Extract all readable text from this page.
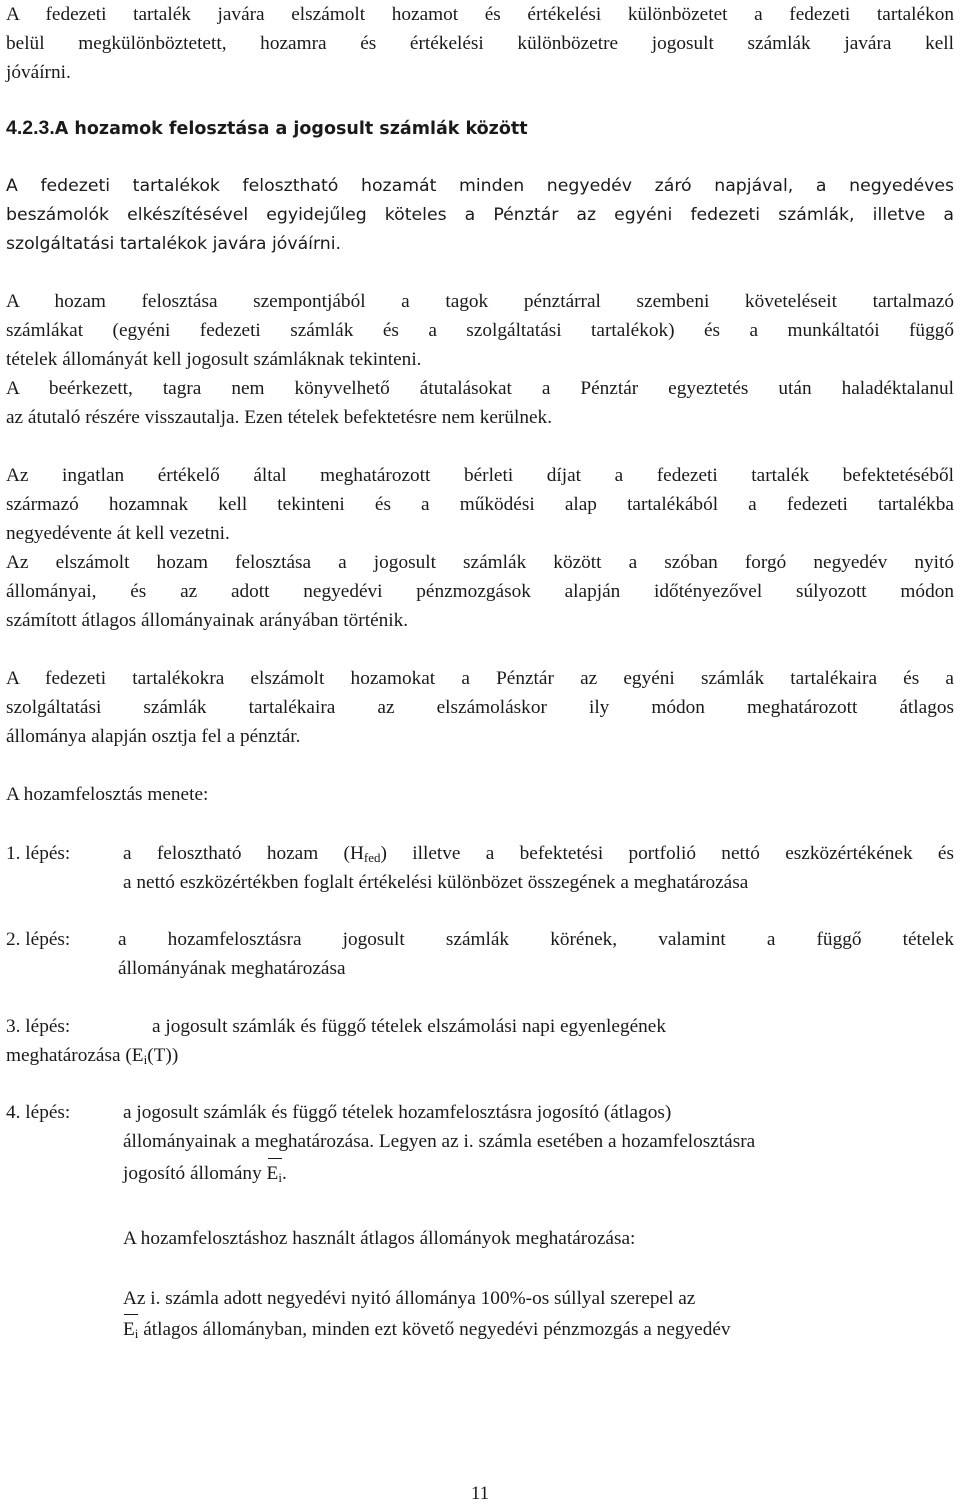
A fedezeti tartalék javára elszámolt hozamot és értékelési különbözetet a fedezeti tartalékon
belül megkülönböztetett, hozamra és értékelési különbözetre jogosult számlák javára kell
jóváírni.

4.2.3.A hozamok felosztása a jogosult számlák között

A fedezeti tartalékok felosztható hozamát minden negyedév záró napjával, a negyedéves
beszámolók elkészítésével egyidejűleg köteles a Pénztár az egyéni fedezeti számlák, illetve a
szolgáltatási tartalékok javára jóváírni.

A hozam felosztása szempontjából a tagok pénztárral szembeni követeléseit tartalmazó
számlákat (egyéni fedezeti számlák és a szolgáltatási tartalékok) és a munkáltatói függő
tételek állományát kell jogosult számláknak tekinteni.
A beérkezett, tagra nem könyvelhető átutalásokat a Pénztár egyeztetés után haladéktalanul
az átutaló részére visszautalja. Ezen tételek befektetésre nem kerülnek.

Az ingatlan értékelő által meghatározott bérleti díjat a fedezeti tartalék befektetéséből
származó hozamnak kell tekinteni és a működési alap tartalékából a fedezeti tartalékba
negyedévente át kell vezetni.
Az elszámolt hozam felosztása a jogosult számlák között a szóban forgó negyedév nyitó
állományai, és az adott negyedévi pénzmozgások alapján időtényezővel súlyozott módon
számított átlagos állományainak arányában történik.

A fedezeti tartalékokra elszámolt hozamokat a Pénztár az egyéni számlák tartalékaira és a
szolgáltatási számlák tartalékaira az elszámoláskor ily módon meghatározott átlagos
állománya alapján osztja fel a pénztár.

A hozamfelosztás menete:
1. lépés:	a felosztható hozam $(H_{fed})$ illetve a befektetési portfolió nettó eszközértékének és
a nettó eszközértékben foglalt értékelési különbözet összegének a meghatározása
2. lépés: a hozamfelosztásra jogosult számlák körének, valamint a függő tételek
állományának meghatározása
3. lépés:	a jogosult számlák és függő tételek elszámolási napi egyenlegének
meghatározása $(E_i(T))$
4. lépés:	a jogosult számlák és függő tételek hozamfelosztásra jogosító (átlagos)
állományainak a meghatározása. Legyen az i. számla esetében a hozamfelosztásra
jogosító állomány $E_i$.
A hozamfelosztáshoz használt átlagos állományok meghatározása:
Az i. számla adott negyedévi nyitó állománya 100%-os súllyal szerepel az
$E_i$ átlagos állományban, minden ezt követő negyedévi pénzmozgás a negyedév
11
